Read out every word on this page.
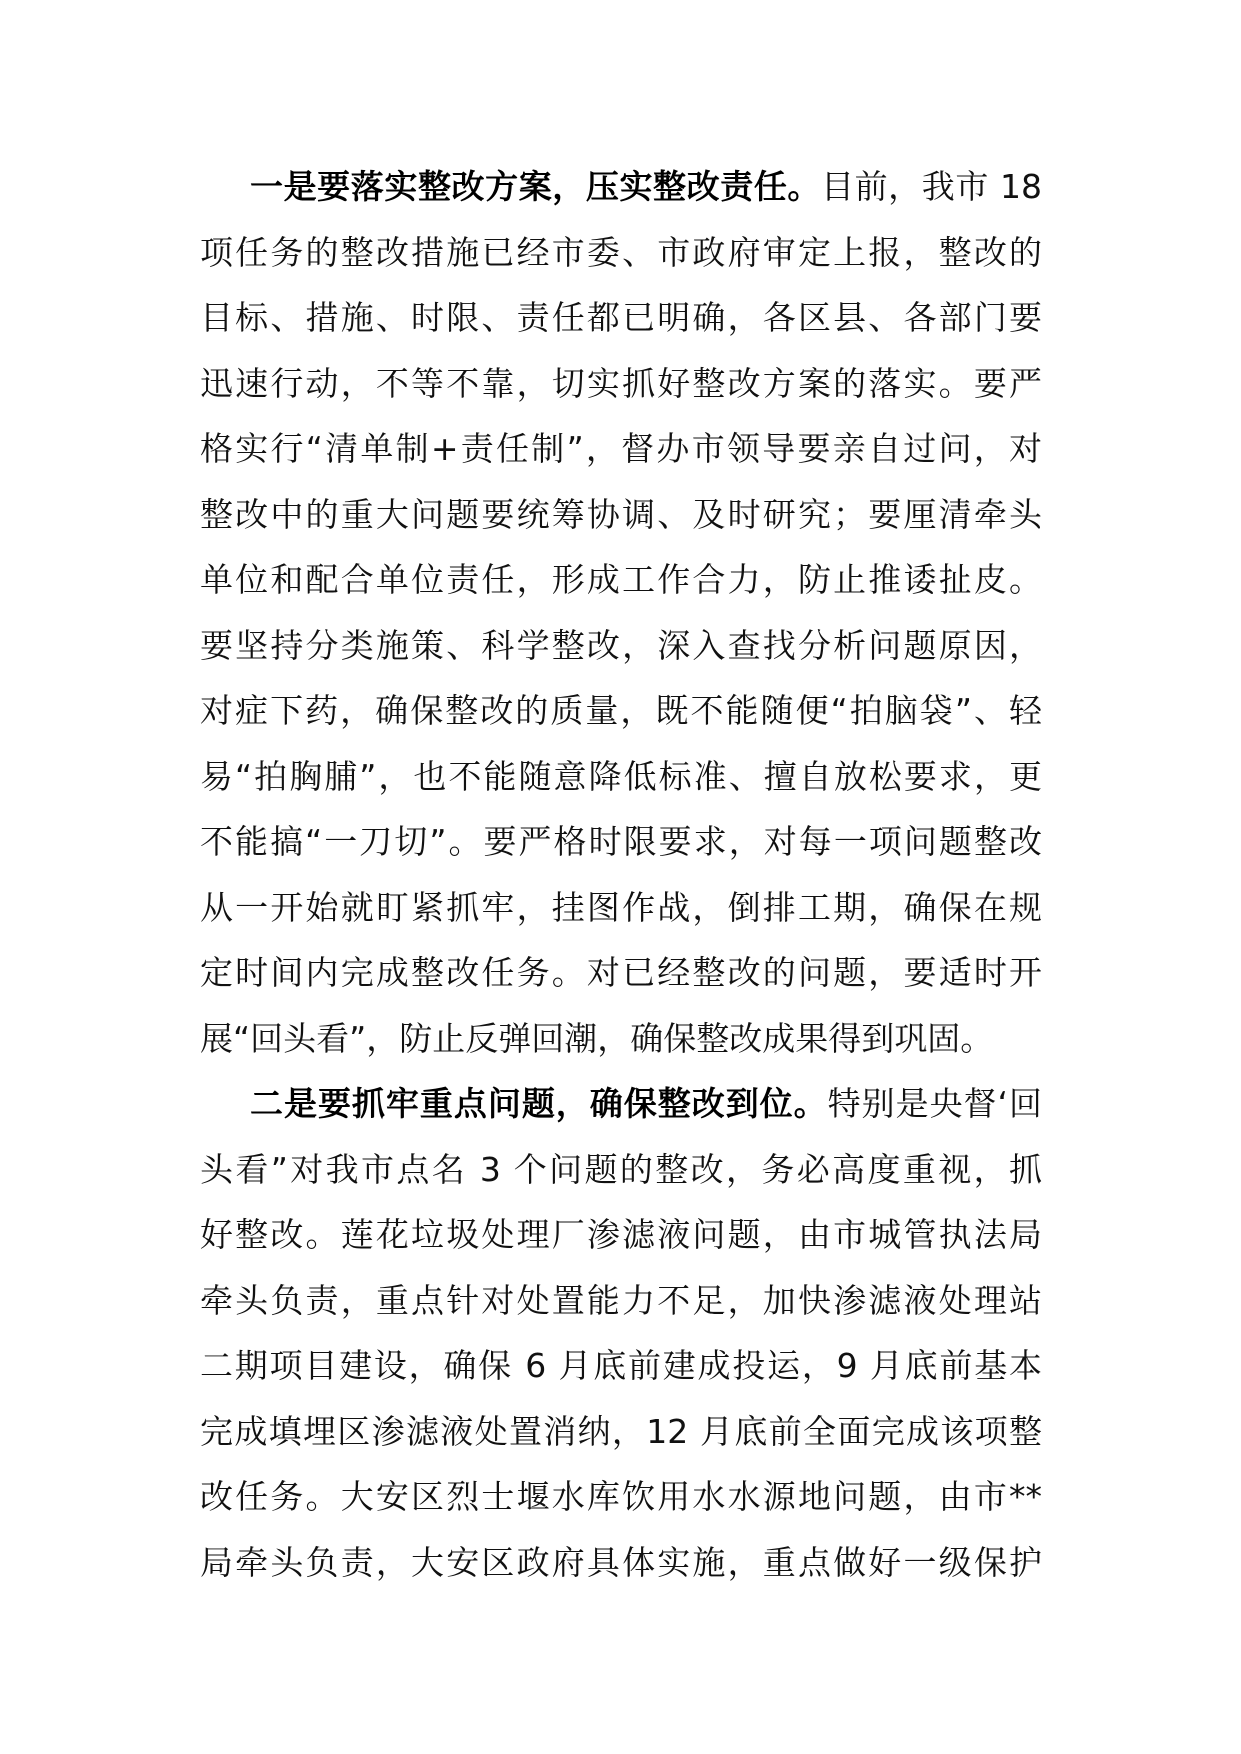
一是要落实整改方案，压实整改责任。目前，我市 18
项任务的整改措施已经市委、市政府审定上报，整改的
目标、措施、时限、责任都已明确，各区县、各部门要
迅速行动，不等不靠，切实抓好整改方案的落实。要严
格实行“清单制+责任制”，督办市领导要亲自过问，对
整改中的重大问题要统筹协调、及时研究；要厘清牵头
单位和配合单位责任，形成工作合力，防止推诿扯皮。
要坚持分类施策、科学整改，深入查找分析问题原因，
对症下药，确保整改的质量，既不能随便“拍脑袋”、轻
易“拍胸脯”，也不能随意降低标准、擅自放松要求，更
不能搞“一刀切”。要严格时限要求，对每一项问题整改
从一开始就盯紧抓牢，挂图作战，倒排工期，确保在规
定时间内完成整改任务。对已经整改的问题，要适时开
展“回头看”，防止反弹回潮，确保整改成果得到巩固。
二是要抓牢重点问题，确保整改到位。特别是央督‘回
头看”对我市点名 3 个问题的整改，务必高度重视，抓
好整改。莲花垃圾处理厂渗滤液问题，由市城管执法局
牵头负责，重点针对处置能力不足，加快渗滤液处理站
二期项目建设，确保 6 月底前建成投运，9 月底前基本
完成填埋区渗滤液处置消纳，12 月底前全面完成该项整
改任务。大安区烈士堰水库饮用水水源地问题，由市**
局牵头负责，大安区政府具体实施，重点做好一级保护
